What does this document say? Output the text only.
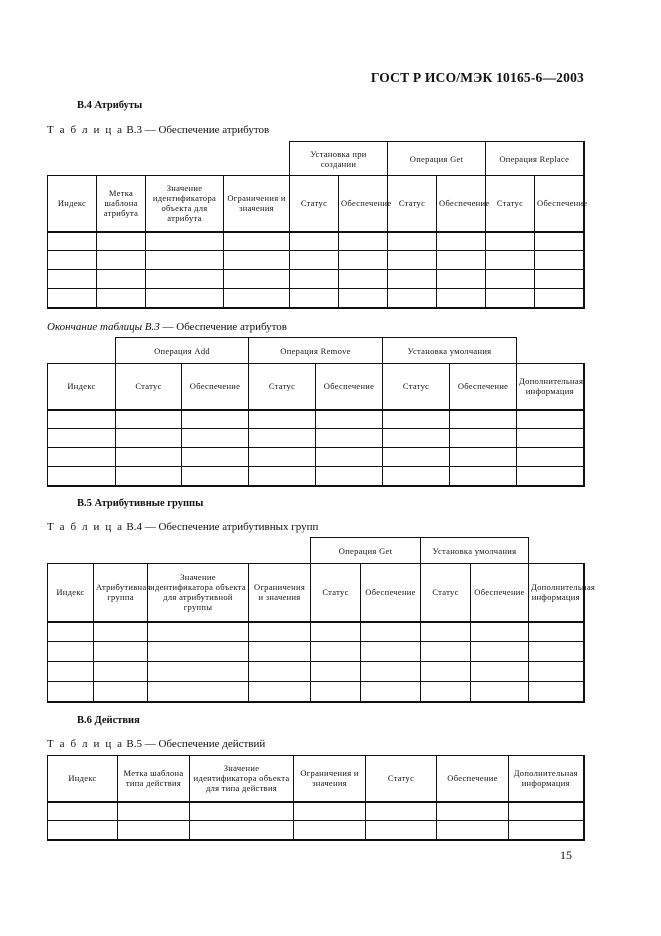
ГОСТ Р ИСО/МЭК 10165-6—2003
В.4 Атрибуты
Т а б л и ц а В.3 — Обеспечение атрибутов
				Установка при создании		Операция Get		Операция Replace	
Индекс	Метка шаблона атрибута	Значение идентификатора объекта для атрибута	Ограничения и значения	Статус	Обеспечение	Статус	Обеспечение	Статус	Обеспечение

Окончание таблицы В.3 — Обеспечение атрибутов
	Операция Add		Операция Remove		Установка умолчания		
Индекс	Статус	Обеспечение	Статус	Обеспечение	Статус	Обеспечение	Дополнительная информация

В.5 Атрибутивные группы
Т а б л и ц а В.4 — Обеспечение атрибутивных групп
				Операция Get		Установка умолчания		
Индекс	Атрибутивная группа	Значение идентификатора объекта для атрибутивной группы	Ограничения и значения	Статус	Обеспечение	Статус	Обеспечение	Дополнительная информация

В.6 Действия
Т а б л и ц а В.5 — Обеспечение действий
Индекс	Метка шаблона типа действия	Значение идентификатора объекта для типа действия	Ограничения и значения	Статус	Обеспечение	Дополнительная информация

15
